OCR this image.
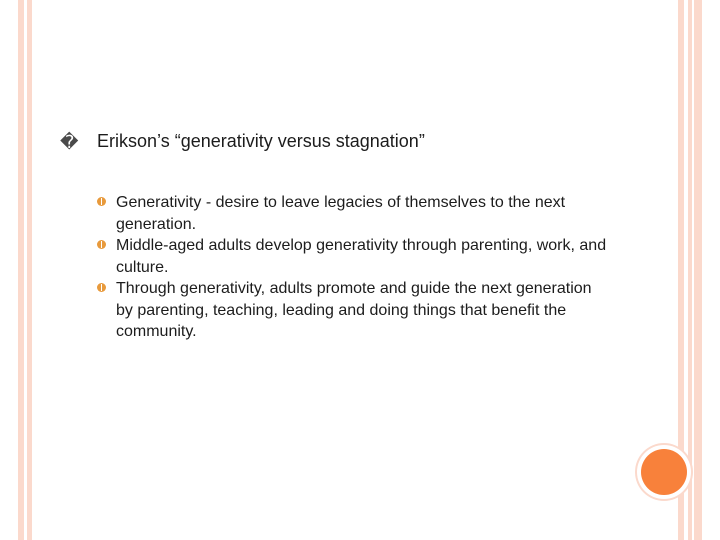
� Erikson’s “generativity versus stagnation”
Generativity - desire to leave legacies of themselves to the next generation.
Middle-aged adults develop generativity through parenting, work, and culture.
Through generativity, adults promote and guide the next generation by parenting, teaching, leading and doing things that benefit the community.
